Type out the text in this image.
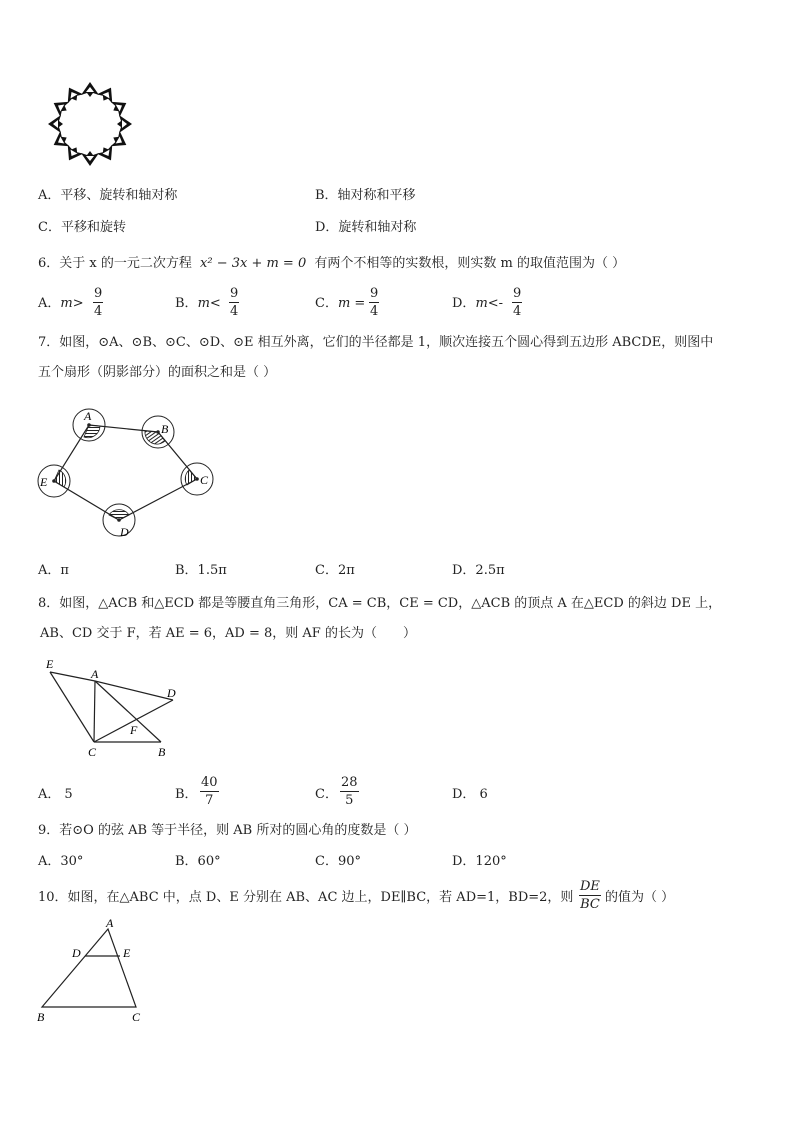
A．平移、旋转和轴对称	B．轴对称和平移
C．平移和旋转	D．旋转和轴对称
6．关于 x 的一元二次方程 x² − 3x + m = 0 有两个不相等的实数根，则实数 m 的取值范围为（ ）
A．m>
9
4
B．m<
9
4
C．m =
9
4
D．m<-
9
4
7．如图，⊙A、⊙B、⊙C、⊙D、⊙E 相互外离，它们的半径都是 1，顺次连接五个圆心得到五边形 ABCDE，则图中
五个扇形（阴影部分）的面积之和是（ ）
A
B
C
D
E
A．π	B．1.5π	C．2π	D．2.5π
8．如图，△ACB 和△ECD 都是等腰直角三角形，CA = CB，CE = CD，△ACB 的顶点 A 在△ECD 的斜边 DE 上，
AB、CD 交于 F，若 AE = 6，AD = 8，则 AF 的长为（　　）
E
A
D
F
C	B
A． 5	B．
40
7	C．
28
5	D． 6
9．若⊙O 的弦 AB 等于半径，则 AB 所对的圆心角的度数是（ ）
A．30°	B．60°	C．90°	D．120°
10．如图，在△ABC 中，点 D、E 分别在 AB、AC 边上，DE∥BC，若 AD=1，BD=2，则
DE
BC 的值为（ ）
A
D	E
B	C
